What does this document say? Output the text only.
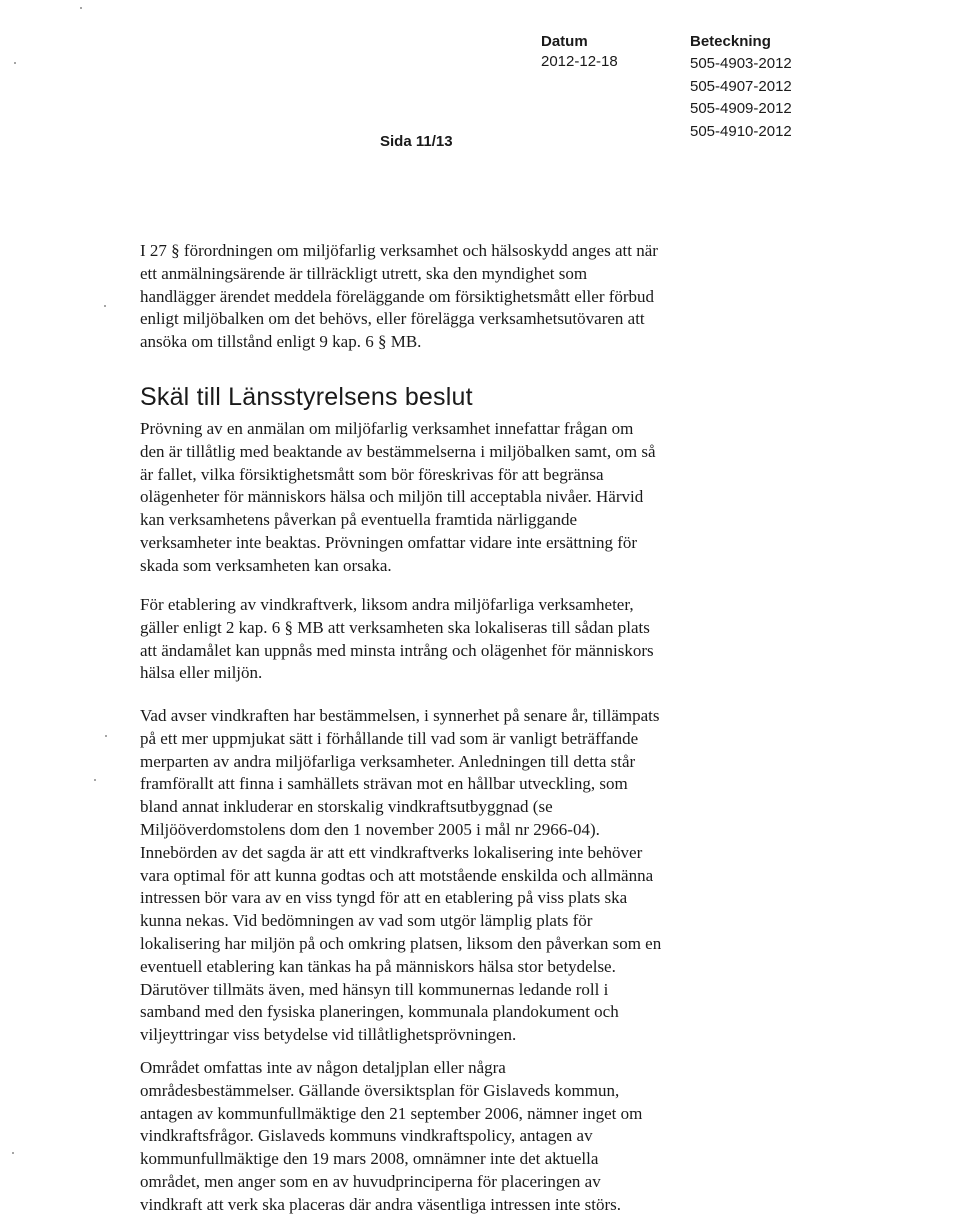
Sida 11/13
Datum
2012-12-18
Beteckning
505-4903-2012
505-4907-2012
505-4909-2012
505-4910-2012
I 27 § förordningen om miljöfarlig verksamhet och hälsoskydd anges att när
ett anmälningsärende är tillräckligt utrett, ska den myndighet som
handlägger ärendet meddela föreläggande om försiktighetsmått eller förbud
enligt miljöbalken om det behövs, eller förelägga verksamhetsutövaren att
ansöka om tillstånd enligt 9 kap. 6 § MB.
Skäl till Länsstyrelsens beslut
Prövning av en anmälan om miljöfarlig verksamhet innefattar frågan om
den är tillåtlig med beaktande av bestämmelserna i miljöbalken samt, om så
är fallet, vilka försiktighetsmått som bör föreskrivas för att begränsa
olägenheter för människors hälsa och miljön till acceptabla nivåer. Härvid
kan verksamhetens påverkan på eventuella framtida närliggande
verksamheter inte beaktas. Prövningen omfattar vidare inte ersättning för
skada som verksamheten kan orsaka.
För etablering av vindkraftverk, liksom andra miljöfarliga verksamheter,
gäller enligt 2 kap. 6 § MB att verksamheten ska lokaliseras till sådan plats
att ändamålet kan uppnås med minsta intrång och olägenhet för människors
hälsa eller miljön.
Vad avser vindkraften har bestämmelsen, i synnerhet på senare år, tillämpats
på ett mer uppmjukat sätt i förhållande till vad som är vanligt beträffande
merparten av andra miljöfarliga verksamheter. Anledningen till detta står
framförallt att finna i samhällets strävan mot en hållbar utveckling, som
bland annat inkluderar en storskalig vindkraftsutbyggnad (se
Miljööverdomstolens dom den 1 november 2005 i mål nr 2966-04).
Innebörden av det sagda är att ett vindkraftverks lokalisering inte behöver
vara optimal för att kunna godtas och att motstående enskilda och allmänna
intressen bör vara av en viss tyngd för att en etablering på viss plats ska
kunna nekas. Vid bedömningen av vad som utgör lämplig plats för
lokalisering har miljön på och omkring platsen, liksom den påverkan som en
eventuell etablering kan tänkas ha på människors hälsa stor betydelse.
Därutöver tillmäts även, med hänsyn till kommunernas ledande roll i
samband med den fysiska planeringen, kommunala plandokument och
viljeyttringar viss betydelse vid tillåtlighetsprövningen.
Området omfattas inte av någon detaljplan eller några
områdesbestämmelser. Gällande översiktsplan för Gislaveds kommun,
antagen av kommunfullmäktige den 21 september 2006, nämner inget om
vindkraftsfrågor. Gislaveds kommuns vindkraftspolicy, antagen av
kommunfullmäktige den 19 mars 2008, omnämner inte det aktuella
området, men anger som en av huvudprinciperna för placeringen av
vindkraft att verk ska placeras där andra väsentliga intressen inte störs.
